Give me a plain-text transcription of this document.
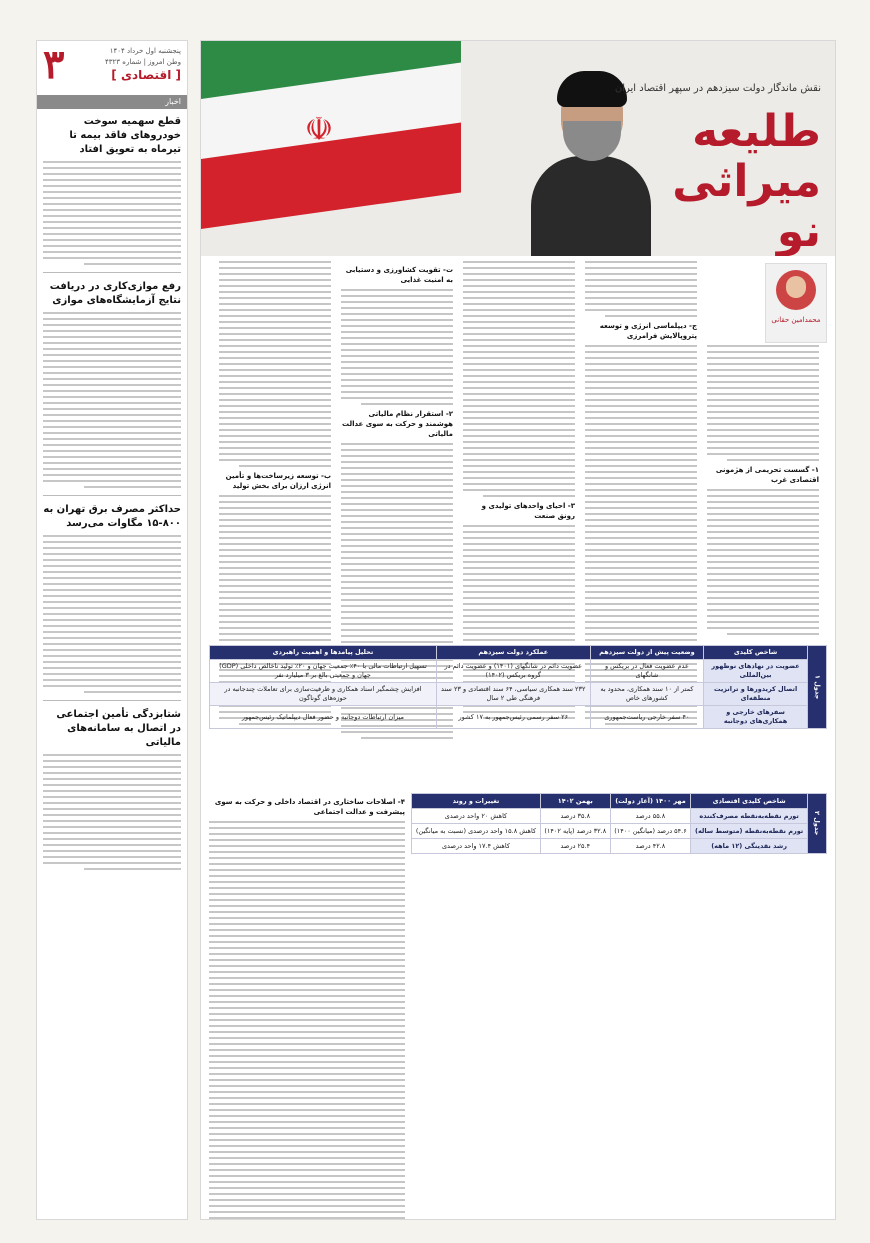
۳	پنجشنبه اول خرداد ۱۴۰۴
وطن امروز | شماره ۴۳۲۳
[ اقتصادی ]
اخبار
قطع سهمیه سوخت خودروهای فاقد بیمه تا تیرماه به تعویق افتاد
رفع موازی‌کاری در دریافت نتایج آزمایشگاه‌های موازی
حداکثر مصرف برق تهران به ۸۰۰-۱۵ مگاوات می‌رسد
شتابزدگی تأمین اجتماعی در اتصال به سامانه‌های مالیاتی
☫
نقش ماندگار دولت سیزدهم در سپهر اقتصاد ایران
طلیعه
میراثی نو
محمدامین حقانی
۱- گسست تحریمی از هژمونی اقتصادی غرب
ج- دیپلماسی انرژی و توسعه پتروپالایش فرامرزی
۳- احیای واحدهای تولیدی و رونق صنعت
ت- تقویت کشاورزی و دستیابی به امنیت غذایی
۲- استقرار نظام مالیاتی هوشمند و حرکت به سوی عدالت مالیاتی
ب- توسعه زیرساخت‌ها و تأمین انرژی ارزان برای بخش تولید
جدول ۱	شاخص کلیدی	وضعیت پیش از دولت سیزدهم	عملکرد دولت سیزدهم	تحلیل پیامدها و اهمیت راهبردی
	عضویت در نهادهای نوظهور بین‌المللی	عدم عضویت فعال در بریکس و شانگهای	عضویت دائم در شانگهای (۱۴۰۱) و عضویت دائم در گروه بریکس (۱۴۰۲)	تسهیل ارتباطات مالی با ۴۰٪ جمعیت جهان و ۲۰٪ تولید ناخالص داخلی (GDP) جهان و جمعیتی بالغ بر ۳ میلیارد نفر
	اتصال کریدورها و ترانزیت منطقه‌ای	کمتر از ۱۰ سند همکاری، محدود به کشورهای خاص	۲۳۲ سند همکاری سیاسی، ۶۴ سند اقتصادی و ۲۳ سند فرهنگی طی ۲ سال	افزایش چشمگیر اسناد همکاری و ظرفیت‌سازی برای تعاملات چندجانبه در حوزه‌های گوناگون
	سفرهای خارجی و همکاری‌های دوجانبه	۴۰ سفر خارجی ریاست‌جمهوری	۲۶ سفر رسمی رئیس‌جمهور به ۱۷ کشور	میزان ارتباطات دوجانبه و حضور فعال دیپلماتیک رئیس‌جمهور
۴- اصلاحات ساختاری در اقتصاد داخلی و حرکت به سوی پیشرفت و عدالت اجتماعی	جدول ۲	شاخص کلیدی اقتصادی	مهر ۱۴۰۰ (آغاز دولت)	بهمن ۱۴۰۲	تغییرات و روند
	تورم نقطه‌به‌نقطه مصرف‌کننده	۵۵.۸ درصد	۳۵.۸ درصد	کاهش ۲۰ واحد درصدی
	تورم نقطه‌به‌نقطه (متوسط ساله)	۵۴.۶ درصد (میانگین ۱۴۰۰)	۳۲.۸ درصد (پایه ۱۴۰۲)	کاهش ۱۵.۸ واحد درصدی (نسبت به میانگین)
	رشد نقدینگی (۱۲ ماهه)	۴۲.۸ درصد	۲۵.۴ درصد	کاهش ۱۷.۴ واحد درصدی
